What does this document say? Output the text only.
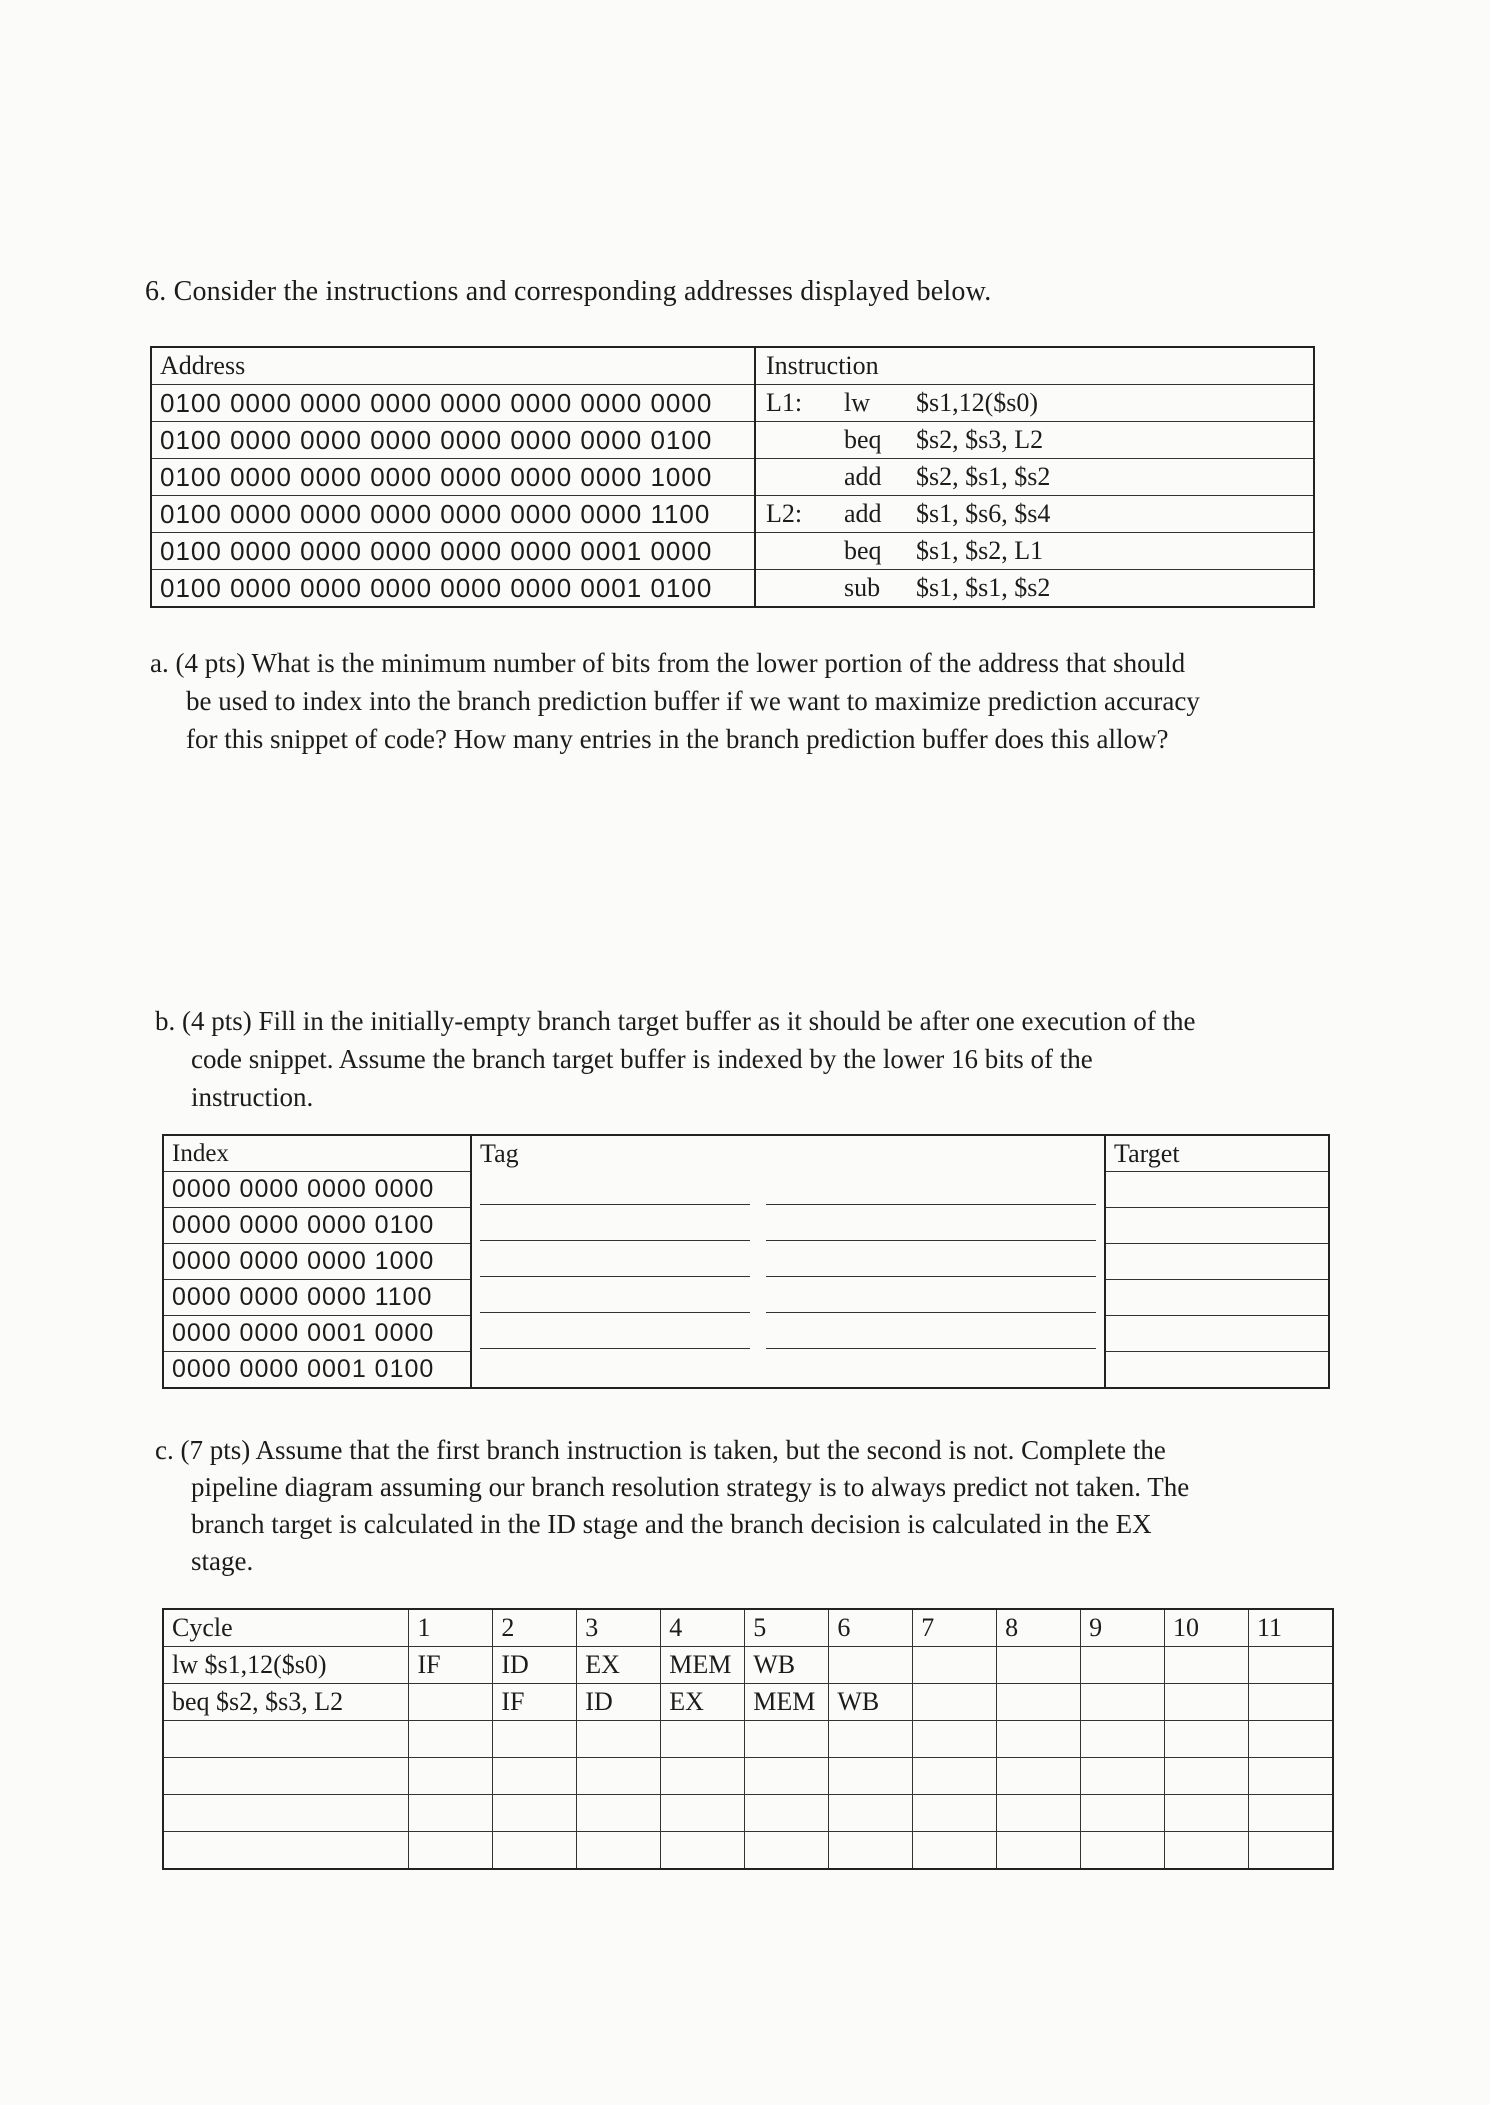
6. Consider the instructions and corresponding addresses displayed below.
Address	Instruction		
0100 0000 0000 0000 0000 0000 0000 0000	L1:	lw	$s1,12($s0)
0100 0000 0000 0000 0000 0000 0000 0100		beq	$s2, $s3, L2
0100 0000 0000 0000 0000 0000 0000 1000		add	$s2, $s1, $s2
0100 0000 0000 0000 0000 0000 0000 1100	L2:	add	$s1, $s6, $s4
0100 0000 0000 0000 0000 0000 0001 0000		beq	$s1, $s2, L1
0100 0000 0000 0000 0000 0000 0001 0100		sub	$s1, $s1, $s2
a. (4 pts) What is the minimum number of bits from the lower portion of the address that should
be used to index into the branch prediction buffer if we want to maximize prediction accuracy
for this snippet of code? How many entries in the branch prediction buffer does this allow?
b. (4 pts) Fill in the initially-empty branch target buffer as it should be after one execution of the
code snippet. Assume the branch target buffer is indexed by the lower 16 bits of the
instruction.
Index	Tag		Target
0000 0000 0000 0000	

0000 0000 0000 0100	

0000 0000 0000 1000	

0000 0000 0000 1100	

0000 0000 0001 0000	

0000 0000 0001 0100			
c. (7 pts) Assume that the first branch instruction is taken, but the second is not. Complete the
pipeline diagram assuming our branch resolution strategy is to always predict not taken. The
branch target is calculated in the ID stage and the branch decision is calculated in the EX
stage.
Cycle	1	2	3	4	5	6	7	8	9	10	11
lw $s1,12($s0)	IF	ID	EX	MEM	WB						
beq $s2, $s3, L2		IF	ID	EX	MEM	WB					
